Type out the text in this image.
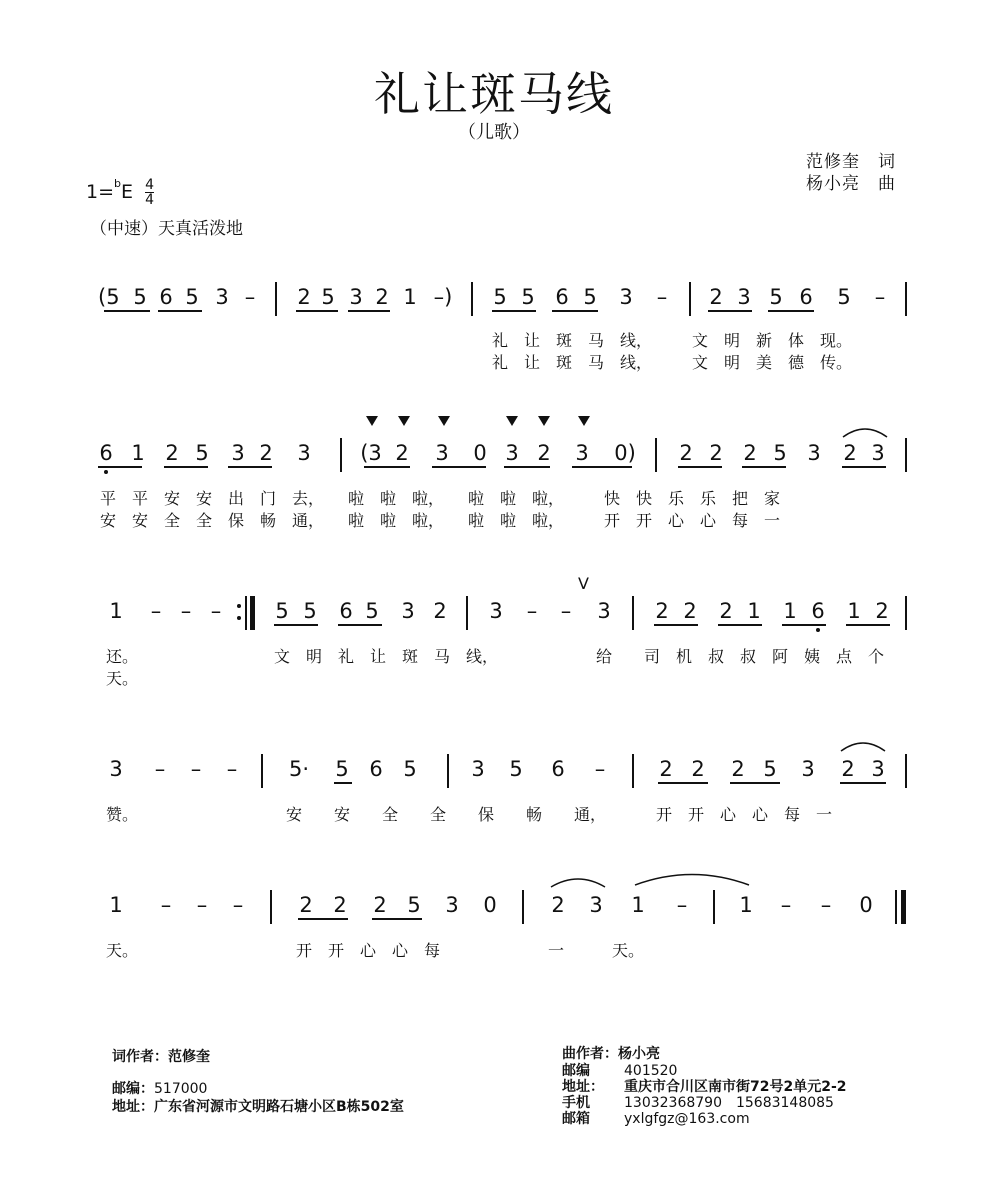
礼让斑马线
（儿歌）
范修奎　词
杨小亮　曲
$1=^bE \frac{4}{4}$
（中速）天真活泼地
(5 5 6 5 3 – 2 5 3 2 1 –) 5 5 6 5 3 – 2 3 5 6 5 –
礼　让　斑　马　线，　　　文　明　新　体　现。
礼　让　斑　马　线，　　　文　明　美　德　传。
6 1 2 5 3 2 3 (3 2 3 0 3 2 3 0) 2 2 2 5 3 2 3
平　平　安　安　出　门　去，　　啦　啦　啦，　　啦　啦　啦，　　　快　快　乐　乐　把　家
安　安　全　全　保　畅　通，　　啦　啦　啦，　　啦　啦　啦，　　　开　开　心　心　每　一
V
1 – – –	5 5 6 5 3 2 3 – – 3 2 2 2 1 1 6 1 2
还。
天。
文　明　礼　让　斑　马　线，	给　　司　机　叔　叔　阿　姨　点　个
3 – – – 5· 5 6 5	3 5 6 –	2 2 2 5 3 2 3
赞。	安　　安　　全　　全　　保　　畅　　通，	开　开　心　心　每　一
1 – – –	2 2 2 5 3 0	2 3 1 – 1 – – 0
天。	开　开　心　心　每	一　　　天。
词作者：范修奎
邮编：517000
地址：广东省河源市文明路石塘小区B栋502室
曲作者：杨小亮
邮编 401520
地址： 重庆市合川区南市街72号2单元2-2
手机 13032368790　15683148085
邮箱 yxlgfgz@163.com
